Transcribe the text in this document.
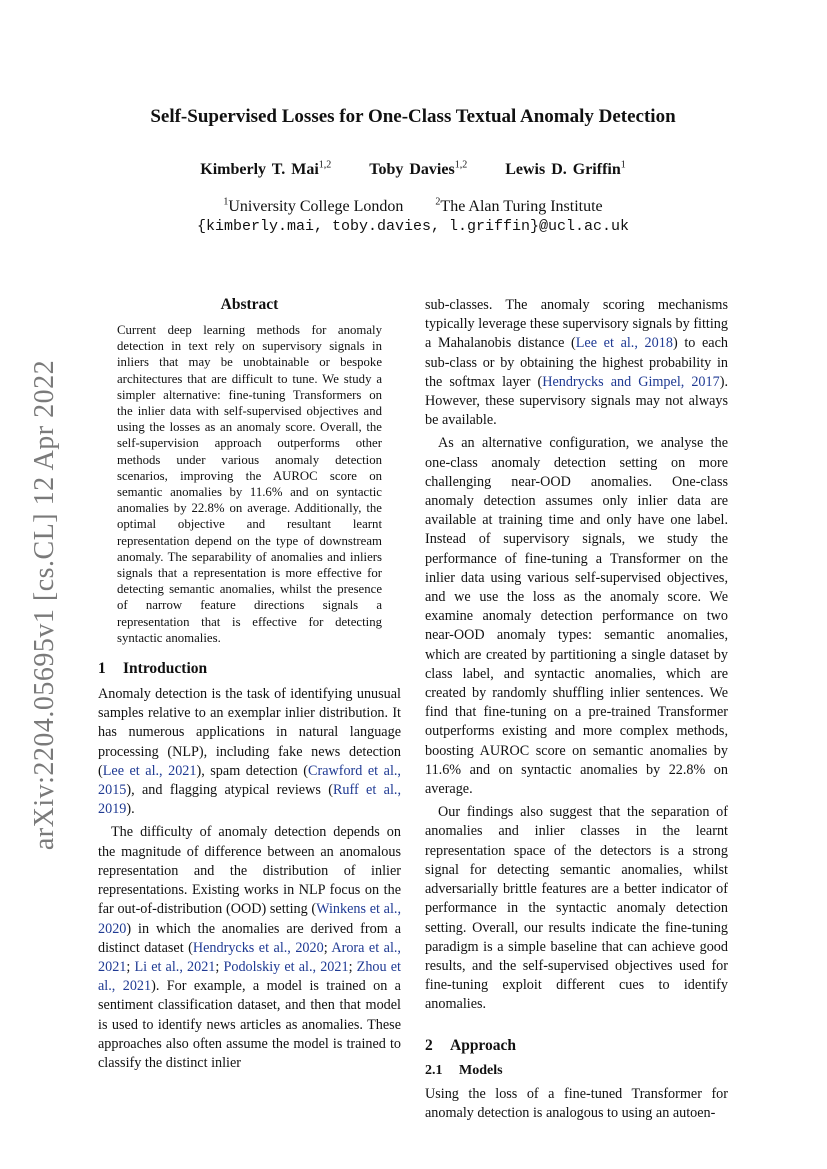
arXiv:2204.05695v1 [cs.CL] 12 Apr 2022
Self-Supervised Losses for One-Class Textual Anomaly Detection
Kimberly T. Mai$^{1,2}$ Toby Davies$^{1,2}$ Lewis D. Griffin$^1$
$^1$University College London	$^2$The Alan Turing Institute
{kimberly.mai, toby.davies, l.griffin}@ucl.ac.uk
Abstract
Current deep learning methods for anomaly detection in text rely on supervisory signals in inliers that may be unobtainable or bespoke architectures that are difficult to tune. We study a simpler alternative: fine-tuning Transformers on the inlier data with self-supervised objectives and using the losses as an anomaly score. Overall, the self-supervision approach outperforms other methods under various anomaly detection scenarios, improving the AUROC score on semantic anomalies by 11.6% and on syntactic anomalies by 22.8% on average. Additionally, the optimal objective and resultant learnt representation depend on the type of downstream anomaly. The separability of anomalies and inliers signals that a representation is more effective for detecting semantic anomalies, whilst the presence of narrow feature directions signals a representation that is effective for detecting syntactic anomalies.
1 Introduction

Anomaly detection is the task of identifying unusual samples relative to an exemplar inlier distribution. It has numerous applications in natural language processing (NLP), including fake news detection (Lee et al., 2021), spam detection (Crawford et al., 2015), and flagging atypical reviews (Ruff et al., 2019).

The difficulty of anomaly detection depends on the magnitude of difference between an anomalous representation and the distribution of inlier representations. Existing works in NLP focus on the far out-of-distribution (OOD) setting (Winkens et al., 2020) in which the anomalies are derived from a distinct dataset (Hendrycks et al., 2020; Arora et al., 2021; Li et al., 2021; Podolskiy et al., 2021; Zhou et al., 2021). For example, a model is trained on a sentiment classification dataset, and then that model is used to identify news articles as anomalies. These approaches also often assume the model is trained to classify the distinct inlier

sub-classes. The anomaly scoring mechanisms typically leverage these supervisory signals by fitting a Mahalanobis distance (Lee et al., 2018) to each sub-class or by obtaining the highest probability in the softmax layer (Hendrycks and Gimpel, 2017). However, these supervisory signals may not always be available.

As an alternative configuration, we analyse the one-class anomaly detection setting on more challenging near-OOD anomalies. One-class anomaly detection assumes only inlier data are available at training time and only have one label. Instead of supervisory signals, we study the performance of fine-tuning a Transformer on the inlier data using various self-supervised objectives, and we use the loss as the anomaly score. We examine anomaly detection performance on two near-OOD anomaly types: semantic anomalies, which are created by partitioning a single dataset by class label, and syntactic anomalies, which are created by randomly shuffling inlier sentences. We find that fine-tuning on a pre-trained Transformer outperforms existing and more complex methods, boosting AUROC score on semantic anomalies by 11.6% and on syntactic anomalies by 22.8% on average.

Our findings also suggest that the separation of anomalies and inlier classes in the learnt representation space of the detectors is a strong signal for detecting semantic anomalies, whilst adversarially brittle features are a better indicator of performance in the syntactic anomaly detection setting. Overall, our results indicate the fine-tuning paradigm is a simple baseline that can achieve good results, and the self-supervised objectives used for fine-tuning exploit different cues to identify anomalies.

2 Approach
2.1 Models

Using the loss of a fine-tuned Transformer for anomaly detection is analogous to using an autoen-
